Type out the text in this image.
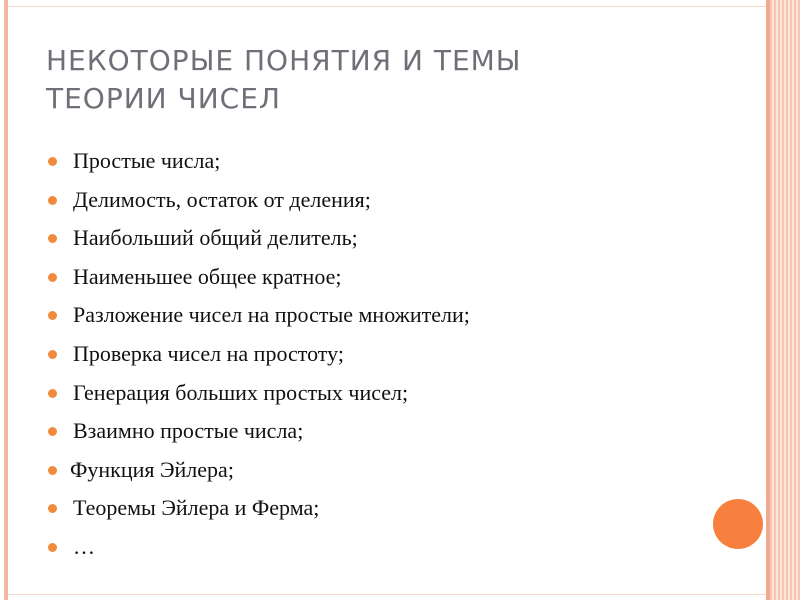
НЕКОТОРЫЕ ПОНЯТИЯ И ТЕМЫ
ТЕОРИИ ЧИСЕЛ
Простые числа;
Делимость, остаток от деления;
Наибольший общий делитель;
Наименьшее общее кратное;
Разложение чисел на простые множители;
Проверка чисел на простоту;
Генерация больших простых чисел;
Взаимно простые числа;
Функция Эйлера;
Теоремы Эйлера и Ферма;
…
